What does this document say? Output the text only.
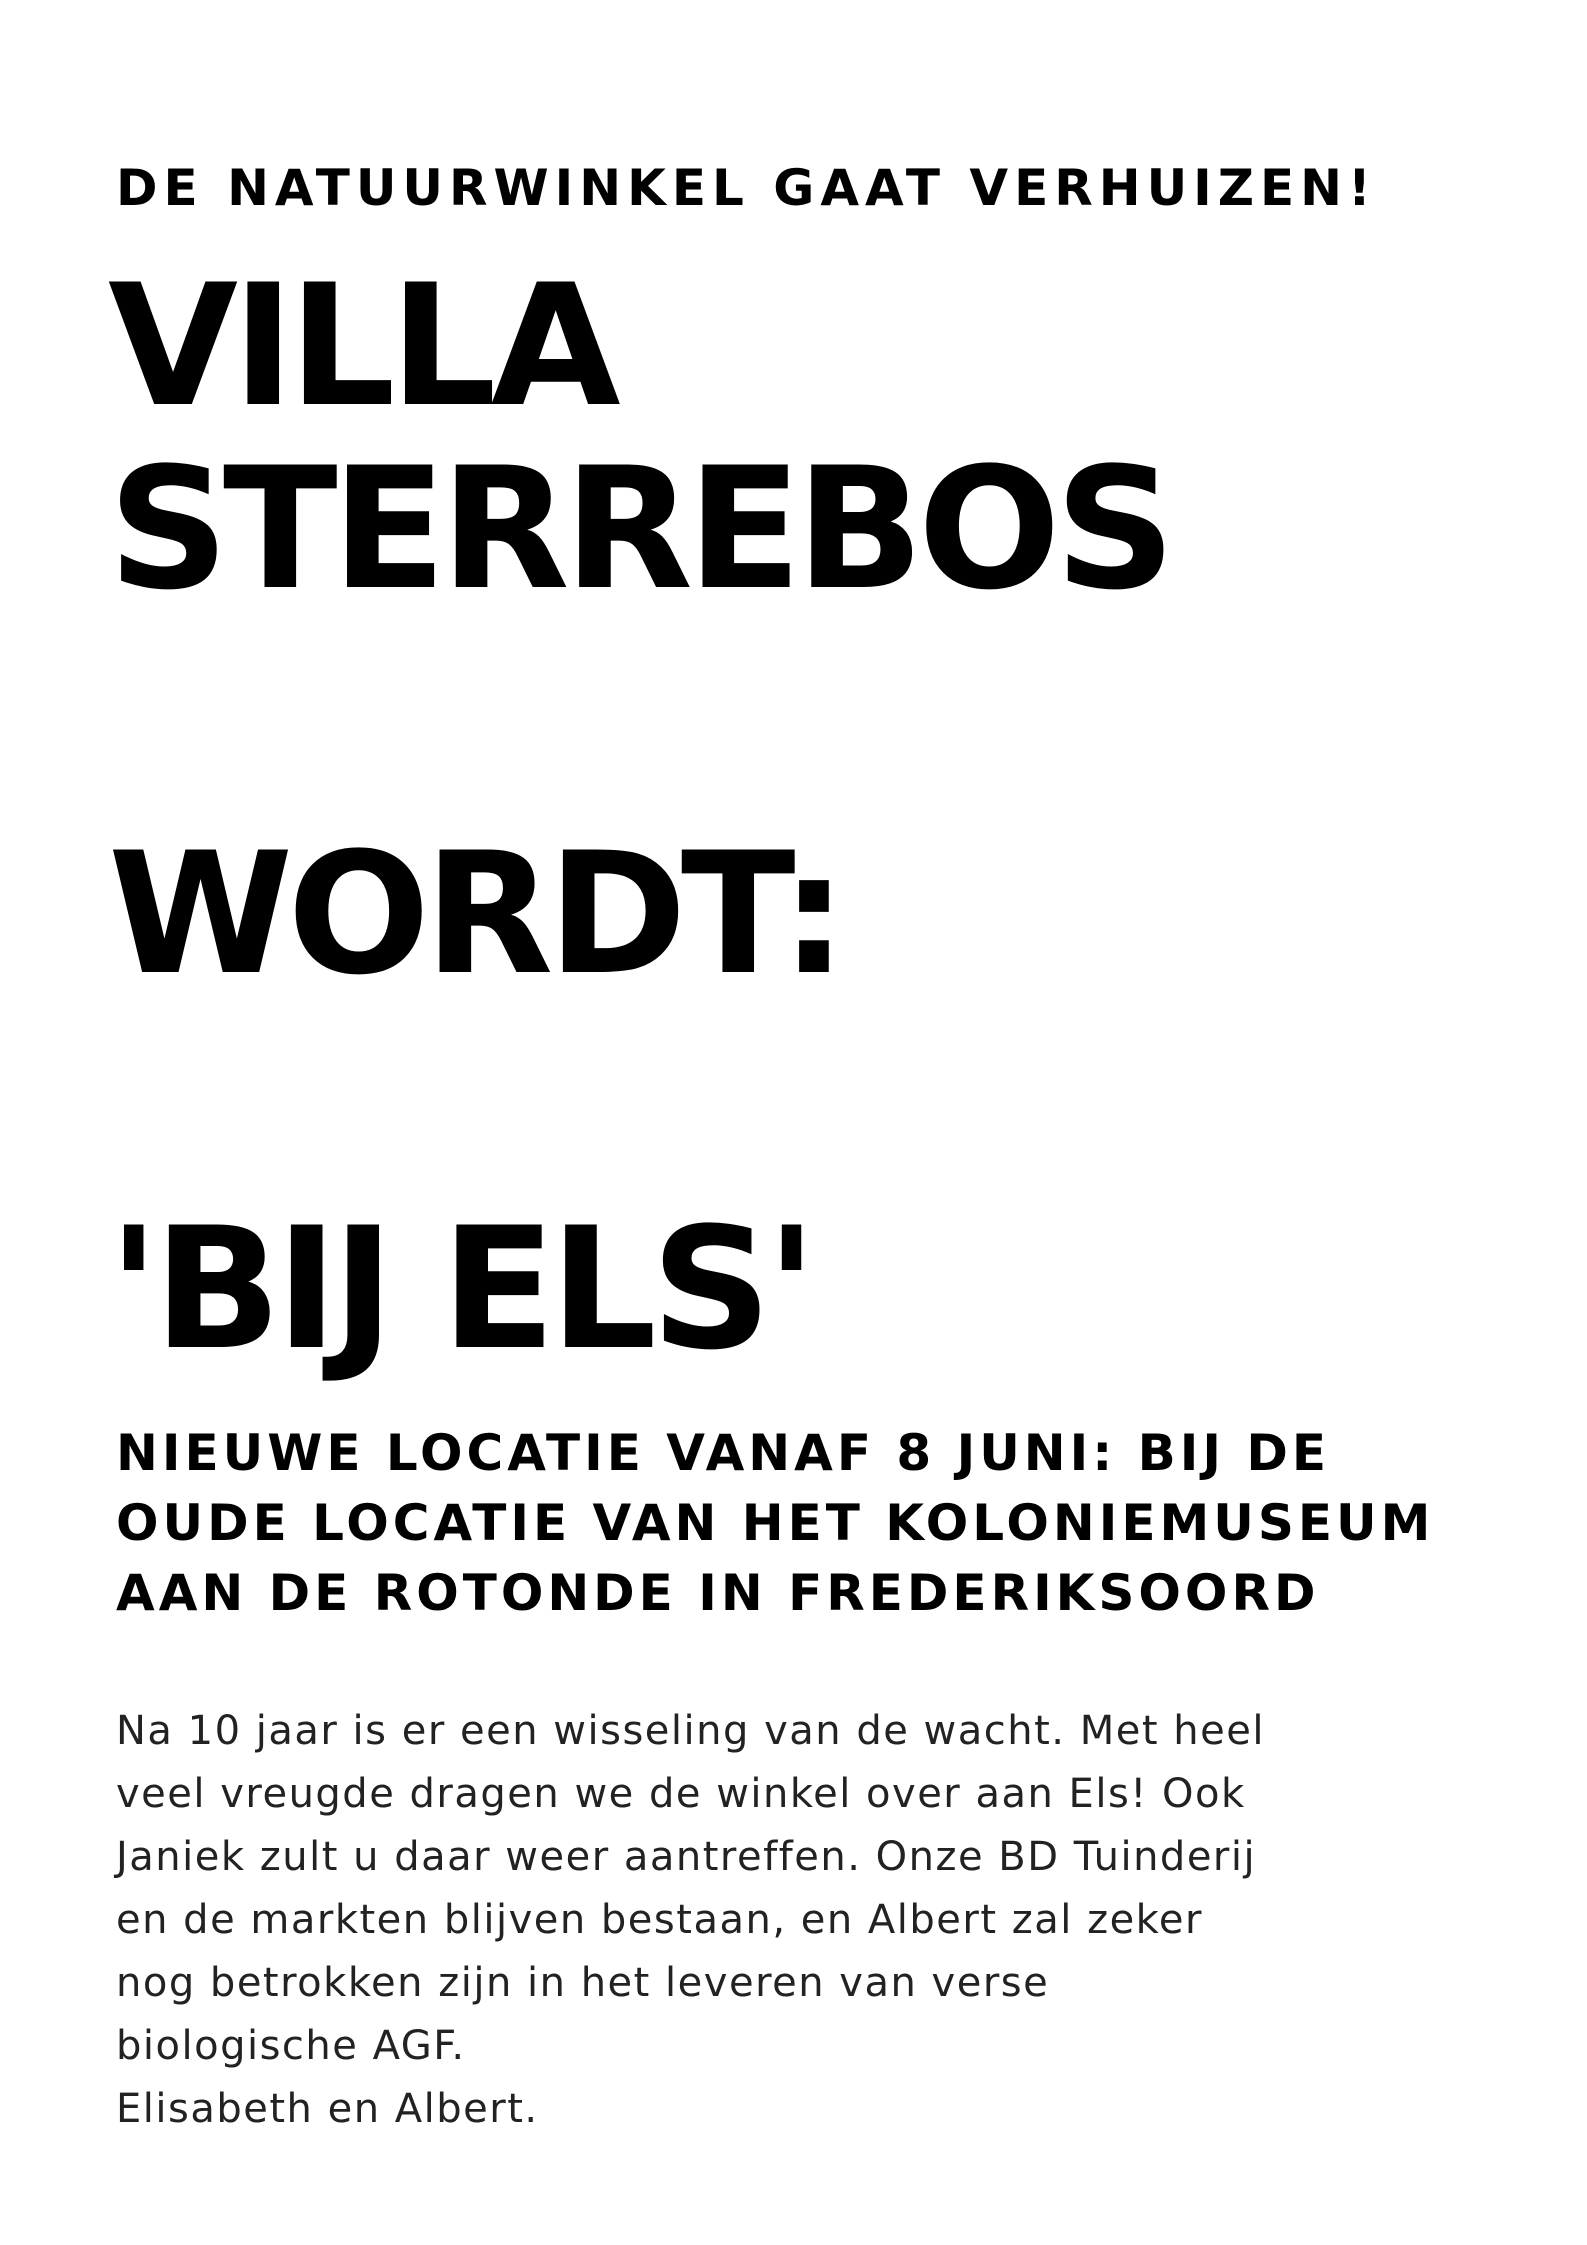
DE NATUURWINKEL GAAT VERHUIZEN!

VILLA
STERREBOS
WORDT:
'BIJ ELS'
NIEUWE LOCATIE VANAF 8 JUNI: BIJ DE
OUDE LOCATIE VAN HET KOLONIEMUSEUM
AAN DE ROTONDE IN FREDERIKSOORD
Na 10 jaar is er een wisseling van de wacht. Met heel
veel vreugde dragen we de winkel over aan Els! Ook
Janiek zult u daar weer aantreffen. Onze BD Tuinderij
en de markten blijven bestaan, en Albert zal zeker
nog betrokken zijn in het leveren van verse
biologische AGF.
Elisabeth en Albert.
